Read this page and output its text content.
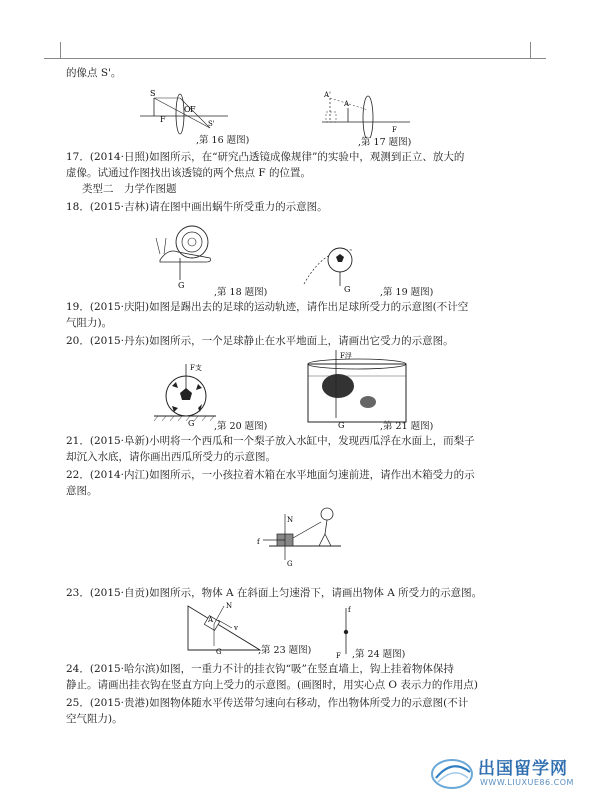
的像点 S'。
S
O F
F	S'
,第 16 题图)
A'
A
F
,第 17 题图)
17．(2014·日照)如图所示，在“研究凸透镜成像规律”的实验中，观测到正立、放大的
虚像。试通过作图找出该透镜的两个焦点 F 的位置。
类型二　力学作图题
18．(2015·吉林)请在图中画出蜗牛所受重力的示意图。
G
,第 18 题图)	G	,第 19 题图)
19．(2015·庆阳)如图是踢出去的足球的运动轨迹，请作出足球所受力的示意图(不计空
气阻力)。
20．(2015·丹东)如图所示，一个足球静止在水平地面上，请画出它受力的示意图。
F支
G ,第 20 题图)
F浮
G	,第 21 题图)
21．(2015·阜新)小明将一个西瓜和一个梨子放入水缸中，发现西瓜浮在水面上，而梨子
却沉入水底，请你画出西瓜所受力的示意图。
22．(2014·内江)如图所示，一小孩拉着木箱在水平地面匀速前进，请作出木箱受力的示
意图。
N
f
G
23．(2015·自贡)如图所示，物体 A 在斜面上匀速滑下，请画出物体 A 所受力的示意图。
N
A
v
G	,第 23 题图)
f
F ,第 24 题图)
24．(2015·哈尔滨)如图，一重力不计的挂衣钩“吸”在竖直墙上，钩上挂着物体保持
静止。请画出挂衣钩在竖直方向上受力的示意图。(画图时，用实心点 O 表示力的作用点)
25．(2015·贵港)如图物体随水平传送带匀速向右移动，作出物体所受力的示意图(不计
空气阻力)。
出国留学网
WWW.LIUXUE86.COM
